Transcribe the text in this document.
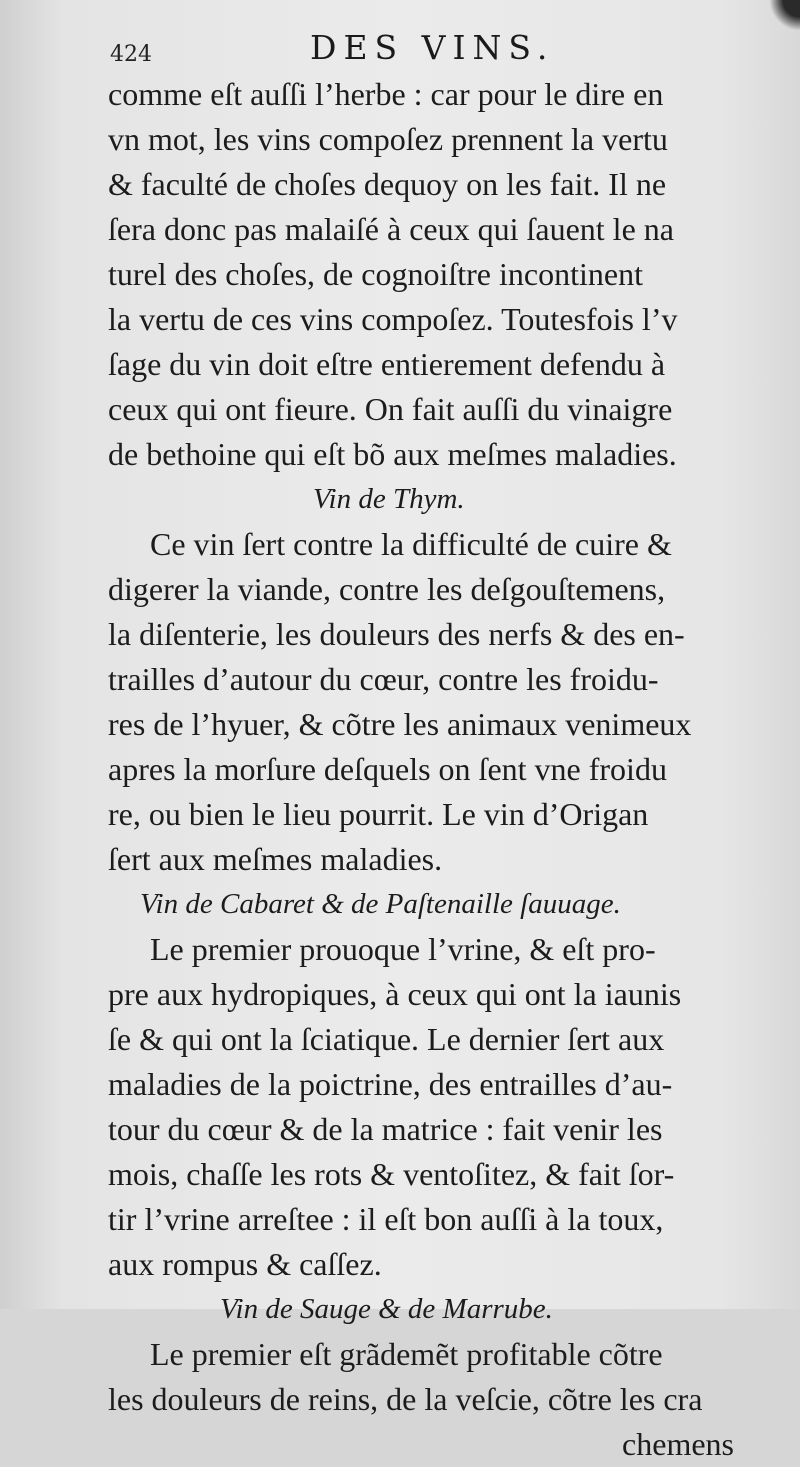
424	DES VINS.
comme eſt auſſi l’herbe : car pour le dire en
vn mot, les vins compoſez prennent la vertu
& faculté de choſes dequoy on les fait. Il ne
ſera donc pas malaiſé à ceux qui ſauent le na
turel des choſes, de cognoiſtre incontinent
la vertu de ces vins compoſez. Toutesfois l’v
ſage du vin doit eſtre entierement defendu à
ceux qui ont fieure. On fait auſſi du vinaigre
de bethoine qui eſt bõ aux meſmes maladies.
Vin de Thym.
Ce vin ſert contre la difficulté de cuire &
digerer la viande, contre les deſgouſtemens,
la diſenterie, les douleurs des nerfs & des en-
trailles d’autour du cœur, contre les froidu-
res de l’hyuer, & cõtre les animaux venimeux
apres la morſure deſquels on ſent vne froidu
re, ou bien le lieu pourrit. Le vin d’Origan
ſert aux meſmes maladies.
Vin de Cabaret & de Paſtenaille ſauuage.
Le premier prouoque l’vrine, & eſt pro-
pre aux hydropiques, à ceux qui ont la iaunis
ſe & qui ont la ſciatique. Le dernier ſert aux
maladies de la poictrine, des entrailles d’au-
tour du cœur & de la matrice : fait venir les
mois, chaſſe les rots & ventoſitez, & fait ſor-
tir l’vrine arreſtee : il eſt bon auſſi à la toux,
aux rompus & caſſez.
Vin de Sauge & de Marrube.
Le premier eſt grãdemẽt profitable cõtre
les douleurs de reins, de la veſcie, cõtre les cra
chemens
